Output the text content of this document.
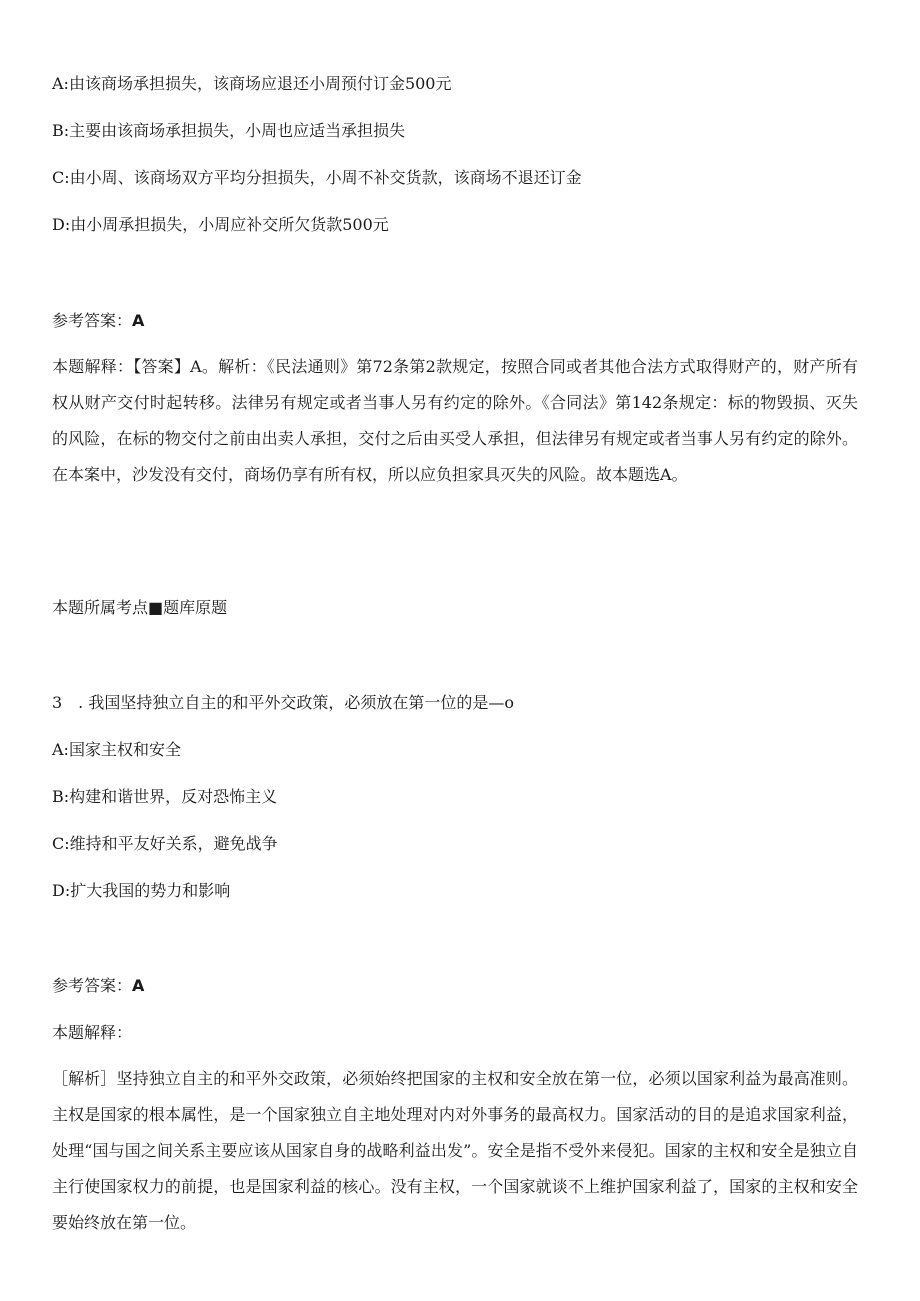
A:由该商场承担损失，该商场应退还小周预付订金500元
B:主要由该商场承担损失，小周也应适当承担损失
C:由小周、该商场双方平均分担损失，小周不补交货款，该商场不退还订金
D:由小周承担损失，小周应补交所欠货款500元
参考答案：A
本题解释：【答案】A。解析：《民法通则》第72条第2款规定，按照合同或者其他合法方式取得财产的，财产所有权从财产交付时起转移。法律另有规定或者当事人另有约定的除外。《合同法》第142条规定：标的物毁损、灭失的风险，在标的物交付之前由出卖人承担，交付之后由买受人承担，但法律另有规定或者当事人另有约定的除外。在本案中，沙发没有交付，商场仍享有所有权，所以应负担家具灭失的风险。故本题选A。
本题所属考点■题库原题
3　. 我国坚持独立自主的和平外交政策，必须放在第一位的是—o
A:国家主权和安全
B:构建和谐世界，反对恐怖主义
C:维持和平友好关系，避免战争
D:扩大我国的势力和影响
参考答案：A
本题解释：
［解析］坚持独立自主的和平外交政策，必须始终把国家的主权和安全放在第一位，必须以国家利益为最高准则。主权是国家的根本属性，是一个国家独立自主地处理对内对外事务的最高权力。国家活动的目的是追求国家利益，处理“国与国之间关系主要应该从国家自身的战略利益出发”。安全是指不受外来侵犯。国家的主权和安全是独立自主行使国家权力的前提，也是国家利益的核心。没有主权，一个国家就谈不上维护国家利益了，国家的主权和安全要始终放在第一位。
